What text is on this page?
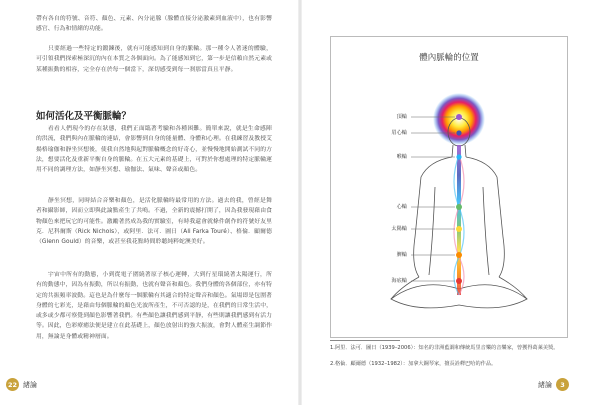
帶有各自的符號、音符、顏色、元素、內分泌腺（腺體直接分泌激素到血液中），也有影響感官、行為和情緒的功能。

只要經過一些特定的鍛鍊後，就有可能感知到自身的脈輪。那一種令人著迷的體驗，可引領我們探索極深沉的內在本質之各個面向。為了能感知到它，第一步是信賴自然元素或某種振動的相容，完全存在於每一個當下，深切感受到每一刹那當真且平靜。

如何活化及平衡脈輪？

看看人們現今的存在狀態，我們正面臨著考驗和各種困難。簡單來說，就是生命感陣的洪流，我們與內在脈輪的連結，會影響到自身的能量體、身體和心理。在我練習及教授艾揚格瑜伽和靜坐冥想後，使我自然地與起對脈輪概念的好奇心，並慢慢地開始測試不同的方法，想要活化及重新平衡自身的脈輪。在五大元素的基礎上，可對於你想處理的特定脈輪運用不同的調理方法，如靜坐冥想、瑜伽法、氣味、聲音或顏色。

靜坐冥想，同時結合音樂和顏色，是活化脈輪時最常用的方法。過去的我，曾經是舞者和攝影師，因而立即與此論點產生了共鳴。不過，全新的震撼打開了，因為我發現藉由食物顏色來把玩它的可能性。激勵著然成為我的實驗室，有時我還會就條件創作的符號好友里克．尼科爾斯（Rick Nichols），或阿里．法可．圖日（Ali Farka Touré）、格倫．顧爾德（Glenn Gould）的音樂，或甚至我花點時間聆聽純粹蛇澳美好。

宇宙中所有的動態，小到從電子圍繞著原子核心運轉，大到行星環繞著太陽運行，所有的動態中，因為有振動，所以有振動，也就有聲音和顏色。我們身體的各個部位，亦有特定的共振頻率波動。這也是為什麼每一個脈輪有其適合的特定聲音和顏色。氣場即是包圍著身體的七彩光，是藉由每個脈輪的顏色光波所產生，不可否認的是，在我們的日常生活中，或多或少都可察覺到顏色影響著我們。有些顏色讓我們感到平靜，有些則讓我們感到有活力等。因此，色彩療癒法便是建立在此基礎上，顏色放射出的強大振波，會對人體產生調節作用，無論是身體或精神層面。

22 緒論

體內脈輪的位置

頂輪
眉心輪
喉輪
心輪
太陽輪
臍輪
海底輪

1.阿里．法可．圖日（1939–2006）：知名的非洲藍調和傳統馬里音樂的音樂家，曾獲得葛萊美獎。

2.格倫．顧爾德（1932–1982）：加拿大鋼琴家，擅長詮釋巴哈的作品。

緒論	3
